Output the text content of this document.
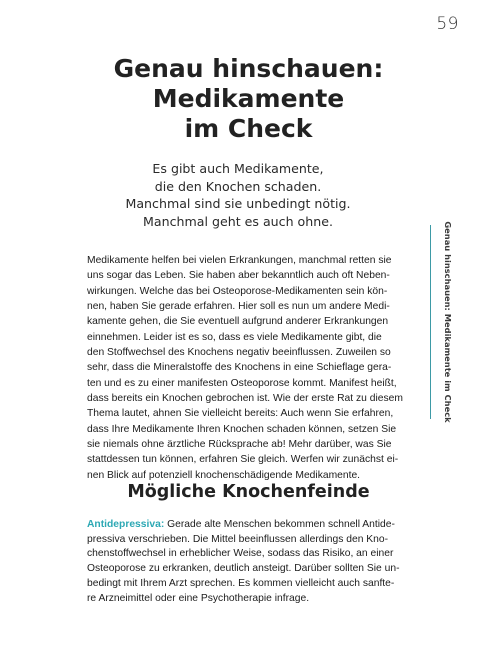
59
Genau hinschauen:
Medikamente
im Check
Es gibt auch Medikamente,
die den Knochen schaden.
Manchmal sind sie unbedingt nötig.
Manchmal geht es auch ohne.
Genau hinschauen: Medikamente im Check
Medikamente helfen bei vielen Erkrankungen, manchmal retten sie
uns sogar das Leben. Sie haben aber bekanntlich auch oft Neben-
wirkungen. Welche das bei Osteoporose-Medikamenten sein kön-
nen, haben Sie gerade erfahren. Hier soll es nun um andere Medi-
kamente gehen, die Sie eventuell aufgrund anderer Erkrankungen
einnehmen. Leider ist es so, dass es viele Medikamente gibt, die
den Stoffwechsel des Knochens negativ beeinflussen. Zuweilen so
sehr, dass die Mineralstoffe des Knochens in eine Schieflage gera-
ten und es zu einer manifesten Osteoporose kommt. Manifest heißt,
dass bereits ein Knochen gebrochen ist. Wie der erste Rat zu diesem
Thema lautet, ahnen Sie vielleicht bereits: Auch wenn Sie erfahren,
dass Ihre Medikamente Ihren Knochen schaden können, setzen Sie
sie niemals ohne ärztliche Rücksprache ab! Mehr darüber, was Sie
stattdessen tun können, erfahren Sie gleich. Werfen wir zunächst ei-
nen Blick auf potenziell knochenschädigende Medikamente.
Mögliche Knochenfeinde
Antidepressiva: Gerade alte Menschen bekommen schnell Antide-
pressiva verschrieben. Die Mittel beeinflussen allerdings den Kno-
chenstoffwechsel in erheblicher Weise, sodass das Risiko, an einer
Osteoporose zu erkranken, deutlich ansteigt. Darüber sollten Sie un-
bedingt mit Ihrem Arzt sprechen. Es kommen vielleicht auch sanfte-
re Arzneimittel oder eine Psychotherapie infrage.
